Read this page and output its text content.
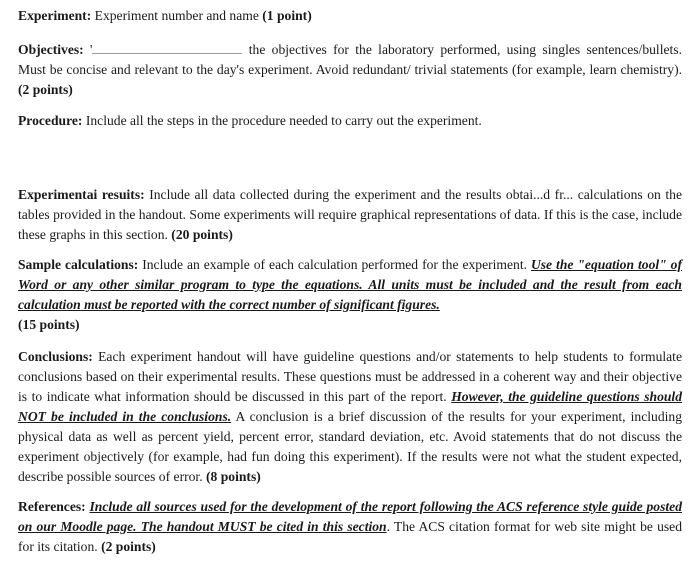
Experiment: Experiment number and name (1 point)

Objectives: '	the objectives for the laboratory performed, using singles sentences/bullets. Must be concise and relevant to the day's experiment. Avoid redundant/ trivial statements (for example, learn chemistry). (2 points)

Procedure: Include all the steps in the procedure needed to carry out the experiment.

Experimentai resuits: Include all data collected during the experiment and the results obtai...d fr... calculations on the tables provided in the handout. Some experiments will require graphical representations of data. If this is the case, include these graphs in this section. (20 points)

Sample calculations: Include an example of each calculation performed for the experiment. Use the "equation tool" of Word or any other similar program to type the equations. All units must be included and the result from each calculation must be reported with the correct number of significant figures.
(15 points)

Conclusions: Each experiment handout will have guideline questions and/or statements to help students to formulate conclusions based on their experimental results. These questions must be addressed in a coherent way and their objective is to indicate what information should be discussed in this part of the report. However, the guideline questions should NOT be included in the conclusions. A conclusion is a brief discussion of the results for your experiment, including physical data as well as percent yield, percent error, standard deviation, etc. Avoid statements that do not discuss the experiment objectively (for example, had fun doing this experiment). If the results were not what the student expected, describe possible sources of error. (8 points)

References: Include all sources used for the development of the report following the ACS reference style guide posted on our Moodle page. The handout MUST be cited in this section. The ACS citation format for web site might be used for its citation. (2 points)
